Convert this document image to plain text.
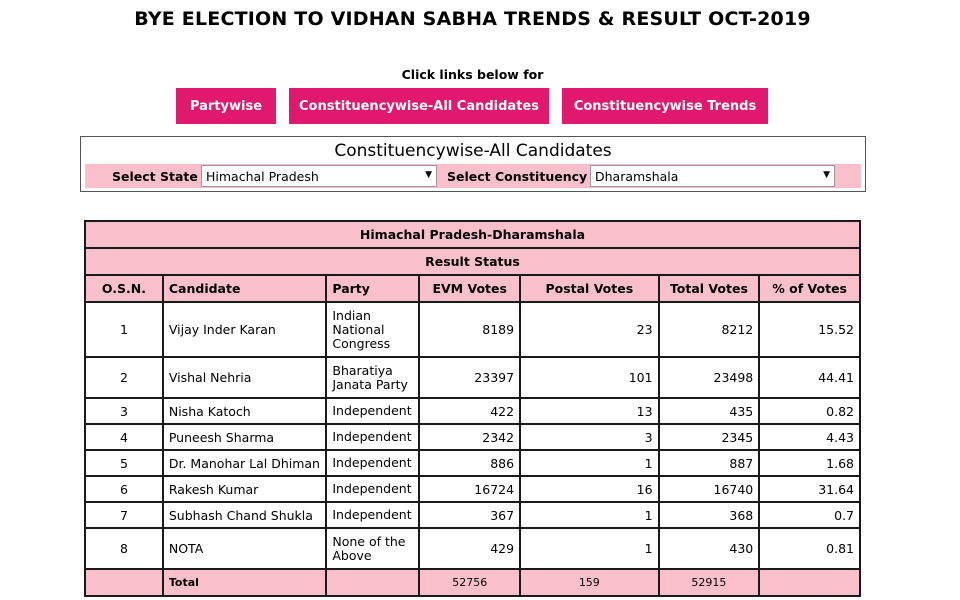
BYE ELECTION TO VIDHAN SABHA TRENDS & RESULT OCT-2019
Click links below for
Partywise	Constituencywise-All Candidates	Constituencywise Trends
Constituencywise-All Candidates
Select State Himachal Pradesh	▼ Select Constituency Dharamshala	▼
Himachal Pradesh-Dharamshala						
Result Status						
O.S.N.	Candidate	Party	EVM Votes	Postal Votes	Total Votes	% of Votes
1	Vijay Inder Karan	Indian National Congress	8189	23	8212	15.52
2	Vishal Nehria	Bharatiya Janata Party	23397	101	23498	44.41
3	Nisha Katoch	Independent	422	13	435	0.82
4	Puneesh Sharma	Independent	2342	3	2345	4.43
5	Dr. Manohar Lal Dhiman	Independent	886	1	887	1.68
6	Rakesh Kumar	Independent	16724	16	16740	31.64
7	Subhash Chand Shukla	Independent	367	1	368	0.7
8	NOTA	None of the Above	429	1	430	0.81
	Total		52756	159	52915	
